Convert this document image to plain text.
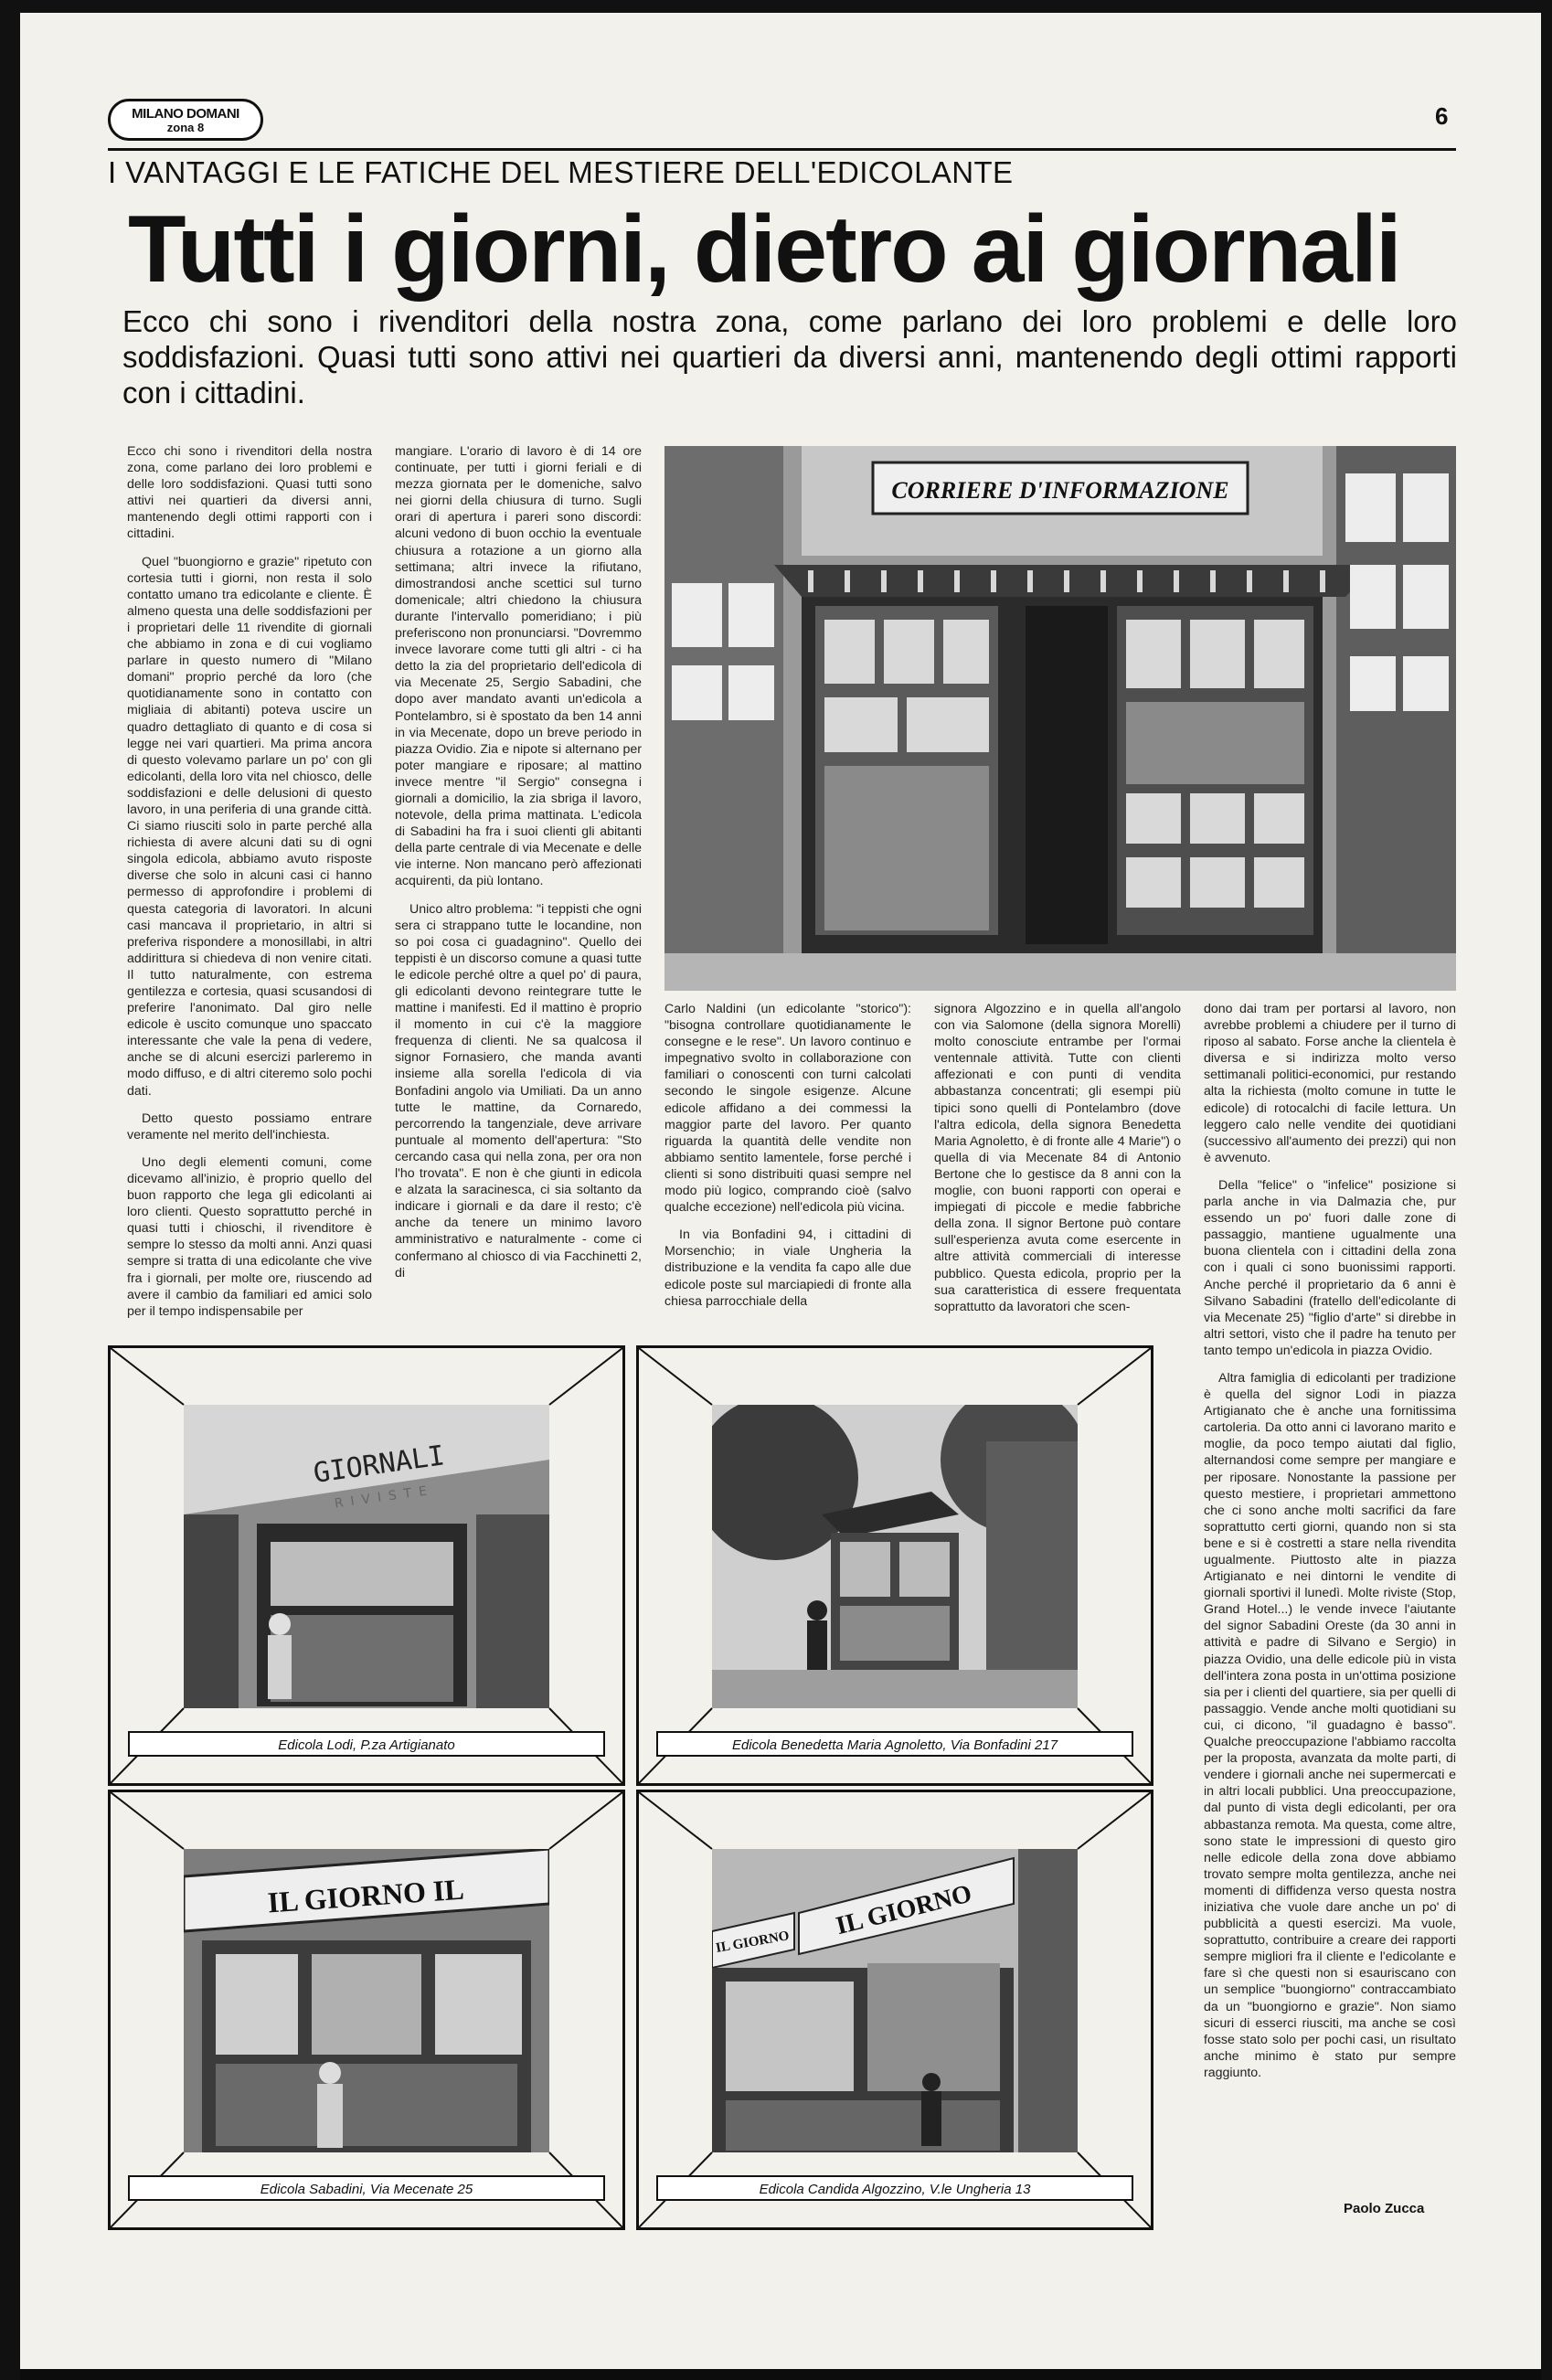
MILANO DOMANI
zona 8	6
I VANTAGGI E LE FATICHE DEL MESTIERE DELL'EDICOLANTE
Tutti i giorni, dietro ai giornali
Ecco chi sono i rivenditori della nostra zona, come parlano dei loro problemi e delle loro soddisfazioni. Quasi tutti sono attivi nei quartieri da diversi anni, mantenendo degli ottimi rapporti con i cittadini.

Ecco chi sono i rivenditori della nostra zona, come parlano dei loro problemi e delle loro soddisfazioni. Quasi tutti sono attivi nei quartieri da diversi anni, mantenendo degli ottimi rapporti con i cittadini.

Quel "buongiorno e grazie" ripetuto con cortesia tutti i giorni, non resta il solo contatto umano tra edicolante e cliente. È almeno questa una delle soddisfazioni per i proprietari delle 11 rivendite di giornali che abbiamo in zona e di cui vogliamo parlare in questo numero di "Milano domani" proprio perché da loro (che quotidianamente sono in contatto con migliaia di abitanti) poteva uscire un quadro dettagliato di quanto e di cosa si legge nei vari quartieri. Ma prima ancora di questo volevamo parlare un po' con gli edicolanti, della loro vita nel chiosco, delle soddisfazioni e delle delusioni di questo lavoro, in una periferia di una grande città. Ci siamo riusciti solo in parte perché alla richiesta di avere alcuni dati su di ogni singola edicola, abbiamo avuto risposte diverse che solo in alcuni casi ci hanno permesso di approfondire i problemi di questa categoria di lavoratori. In alcuni casi mancava il proprietario, in altri si preferiva rispondere a monosillabi, in altri addirittura si chiedeva di non venire citati. Il tutto naturalmente, con estrema gentilezza e cortesia, quasi scusandosi di preferire l'anonimato. Dal giro nelle edicole è uscito comunque uno spaccato interessante che vale la pena di vedere, anche se di alcuni esercizi parleremo in modo diffuso, e di altri citeremo solo pochi dati.

Detto questo possiamo entrare veramente nel merito dell'inchiesta.

Uno degli elementi comuni, come dicevamo all'inizio, è proprio quello del buon rapporto che lega gli edicolanti ai loro clienti. Questo soprattutto perché in quasi tutti i chioschi, il rivenditore è sempre lo stesso da molti anni. Anzi quasi sempre si tratta di una edicolante che vive fra i giornali, per molte ore, riuscendo ad avere il cambio da familiari ed amici solo per il tempo indispensabile per

mangiare. L'orario di lavoro è di 14 ore continuate, per tutti i giorni feriali e di mezza giornata per le domeniche, salvo nei giorni della chiusura di turno. Sugli orari di apertura i pareri sono discordi: alcuni vedono di buon occhio la eventuale chiusura a rotazione a un giorno alla settimana; altri invece la rifiutano, dimostrandosi anche scettici sul turno domenicale; altri chiedono la chiusura durante l'intervallo pomeridiano; i più preferiscono non pronunciarsi. "Dovremmo invece lavorare come tutti gli altri - ci ha detto la zia del proprietario dell'edicola di via Mecenate 25, Sergio Sabadini, che dopo aver mandato avanti un'edicola a Pontelambro, si è spostato da ben 14 anni in via Mecenate, dopo un breve periodo in piazza Ovidio. Zia e nipote si alternano per poter mangiare e riposare; al mattino invece mentre "il Sergio" consegna i giornali a domicilio, la zia sbriga il lavoro, notevole, della prima mattinata. L'edicola di Sabadini ha fra i suoi clienti gli abitanti della parte centrale di via Mecenate e delle vie interne. Non mancano però affezionati acquirenti, da più lontano.

Unico altro problema: "i teppisti che ogni sera ci strappano tutte le locandine, non so poi cosa ci guadagnino". Quello dei teppisti è un discorso comune a quasi tutte le edicole perché oltre a quel po' di paura, gli edicolanti devono reintegrare tutte le mattine i manifesti. Ed il mattino è proprio il momento in cui c'è la maggiore frequenza di clienti. Ne sa qualcosa il signor Fornasiero, che manda avanti insieme alla sorella l'edicola di via Bonfadini angolo via Umiliati. Da un anno tutte le mattine, da Cornaredo, percorrendo la tangenziale, deve arrivare puntuale al momento dell'apertura: "Sto cercando casa qui nella zona, per ora non l'ho trovata". E non è che giunti in edicola e alzata la saracinesca, ci sia soltanto da indicare i giornali e da dare il resto; c'è anche da tenere un minimo lavoro amministrativo e naturalmente - come ci confermano al chiosco di via Facchinetti 2, di

CORRIERE D'INFORMAZIONE

Carlo Naldini (un edicolante "storico"): "bisogna controllare quotidianamente le consegne e le rese". Un lavoro continuo e impegnativo svolto in collaborazione con familiari o conoscenti con turni calcolati secondo le singole esigenze. Alcune edicole affidano a dei commessi la maggior parte del lavoro. Per quanto riguarda la quantità delle vendite non abbiamo sentito lamentele, forse perché i clienti si sono distribuiti quasi sempre nel modo più logico, comprando cioè (salvo qualche eccezione) nell'edicola più vicina.

In via Bonfadini 94, i cittadini di Morsenchio; in viale Ungheria la distribuzione e la vendita fa capo alle due edicole poste sul marciapiedi di fronte alla chiesa parrocchiale della

signora Algozzino e in quella all'angolo con via Salomone (della signora Morelli) molto conosciute entrambe per l'ormai ventennale attività. Tutte con clienti affezionati e con punti di vendita abbastanza concentrati; gli esempi più tipici sono quelli di Pontelambro (dove l'altra edicola, della signora Benedetta Maria Agnoletto, è di fronte alle 4 Marie") o quella di via Mecenate 84 di Antonio Bertone che lo gestisce da 8 anni con la moglie, con buoni rapporti con operai e impiegati di piccole e medie fabbriche della zona. Il signor Bertone può contare sull'esperienza avuta come esercente in altre attività commerciali di interesse pubblico. Questa edicola, proprio per la sua caratteristica di essere frequentata soprattutto da lavoratori che scen-

dono dai tram per portarsi al lavoro, non avrebbe problemi a chiudere per il turno di riposo al sabato. Forse anche la clientela è diversa e si indirizza molto verso settimanali politici-economici, pur restando alta la richiesta (molto comune in tutte le edicole) di rotocalchi di facile lettura. Un leggero calo nelle vendite dei quotidiani (successivo all'aumento dei prezzi) qui non è avvenuto.

Della "felice" o "infelice" posizione si parla anche in via Dalmazia che, pur essendo un po' fuori dalle zone di passaggio, mantiene ugualmente una buona clientela con i cittadini della zona con i quali ci sono buonissimi rapporti. Anche perché il proprietario da 6 anni è Silvano Sabadini (fratello dell'edicolante di via Mecenate 25) "figlio d'arte" si direbbe in altri settori, visto che il padre ha tenuto per tanto tempo un'edicola in piazza Ovidio.

Altra famiglia di edicolanti per tradizione è quella del signor Lodi in piazza Artigianato che è anche una fornitissima cartoleria. Da otto anni ci lavorano marito e moglie, da poco tempo aiutati dal figlio, alternandosi come sempre per mangiare e per riposare. Nonostante la passione per questo mestiere, i proprietari ammettono che ci sono anche molti sacrifici da fare soprattutto certi giorni, quando non si sta bene e si è costretti a stare nella rivendita ugualmente. Piuttosto alte in piazza Artigianato e nei dintorni le vendite di giornali sportivi il lunedì. Molte riviste (Stop, Grand Hotel...) le vende invece l'aiutante del signor Sabadini Oreste (da 30 anni in attività e padre di Silvano e Sergio) in piazza Ovidio, una delle edicole più in vista dell'intera zona posta in un'ottima posizione sia per i clienti del quartiere, sia per quelli di passaggio. Vende anche molti quotidiani su cui, ci dicono, "il guadagno è basso". Qualche preoccupazione l'abbiamo raccolta per la proposta, avanzata da molte parti, di vendere i giornali anche nei supermercati e in altri locali pubblici. Una preoccupazione, dal punto di vista degli edicolanti, per ora abbastanza remota. Ma questa, come altre, sono state le impressioni di questo giro nelle edicole della zona dove abbiamo trovato sempre molta gentilezza, anche nei momenti di diffidenza verso questa nostra iniziativa che vuole dare anche un po' di pubblicità a questi esercizi. Ma vuole, soprattutto, contribuire a creare dei rapporti sempre migliori fra il cliente e l'edicolante e fare sì che questi non si esauriscano con un semplice "buongiorno" contraccambiato da un "buongiorno e grazie". Non siamo sicuri di esserci riusciti, ma anche se così fosse stato solo per pochi casi, un risultato anche minimo è stato pur sempre raggiunto.

Paolo Zucca
GIORNALI
RIVISTE
Edicola Lodi, P.za Artigianato	Edicola Benedetta Maria Agnoletto, Via Bonfadini 217
IL GIORNO IL
Edicola Sabadini, Via Mecenate 25
IL GIORNO
IL GIORNO
Edicola Candida Algozzino, V.le Ungheria 13
